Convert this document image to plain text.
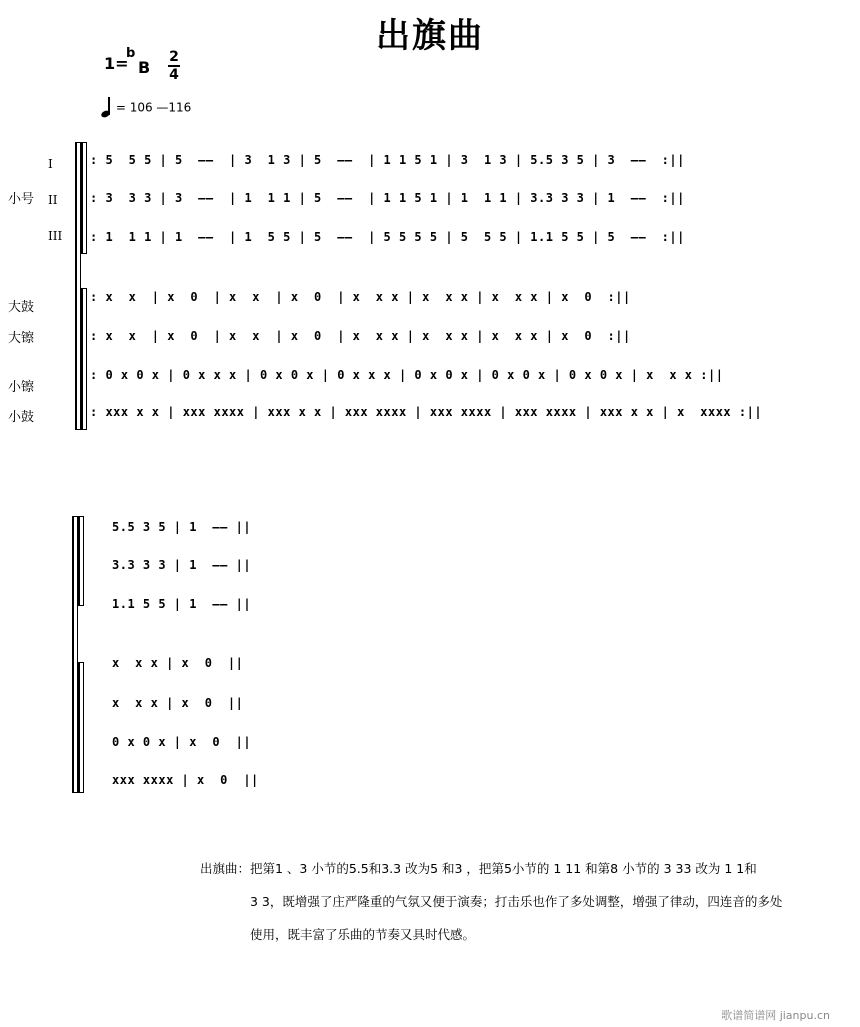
出旗曲
1=
b
B
2
4
= 106 —116
小号
I
II
III
大鼓
大镲
小镲
小鼓
: 5  5 5 | 5  ——  | 3  1 3 | 5  ——  | 1 1 5 1 | 3  1 3 | 5.5 3 5 | 3  ——  :||
: 3  3 3 | 3  ——  | 1  1 1 | 5  ——  | 1 1 5 1 | 1  1 1 | 3.3 3 3 | 1  ——  :||
: 1  1 1 | 1  ——  | 1  5 5 | 5  ——  | 5 5 5 5 | 5  5 5 | 1.1 5 5 | 5  ——  :||
: x  x  | x  0  | x  x  | x  0  | x  x x | x  x x | x  x x | x  0  :||
: x  x  | x  0  | x  x  | x  0  | x  x x | x  x x | x  x x | x  0  :||
: 0 x 0 x | 0 x x x | 0 x 0 x | 0 x x x | 0 x 0 x | 0 x 0 x | 0 x 0 x | x  x x :||
: xxx x x | xxx xxxx | xxx x x | xxx xxxx | xxx xxxx | xxx xxxx | xxx x x | x  xxxx :||
5.5 3 5 | 1  —— ||
3.3 3 3 | 1  —— ||
1.1 5 5 | 1  —— ||
x  x x | x  0  ||
x  x x | x  0  ||
0 x 0 x | x  0  ||
xxx xxxx | x  0  ||
出旗曲：把第1 、3 小节的5.5和3.3 改为5 和3 ，把第5小节的 1 11 和第8 小节的 3 33 改为 1 1和
3 3，既增强了庄严隆重的气氛又便于演奏；打击乐也作了多处调整，增强了律动，四连音的多处
使用，既丰富了乐曲的节奏又具时代感。
歌谱简谱网 jianpu.cn
